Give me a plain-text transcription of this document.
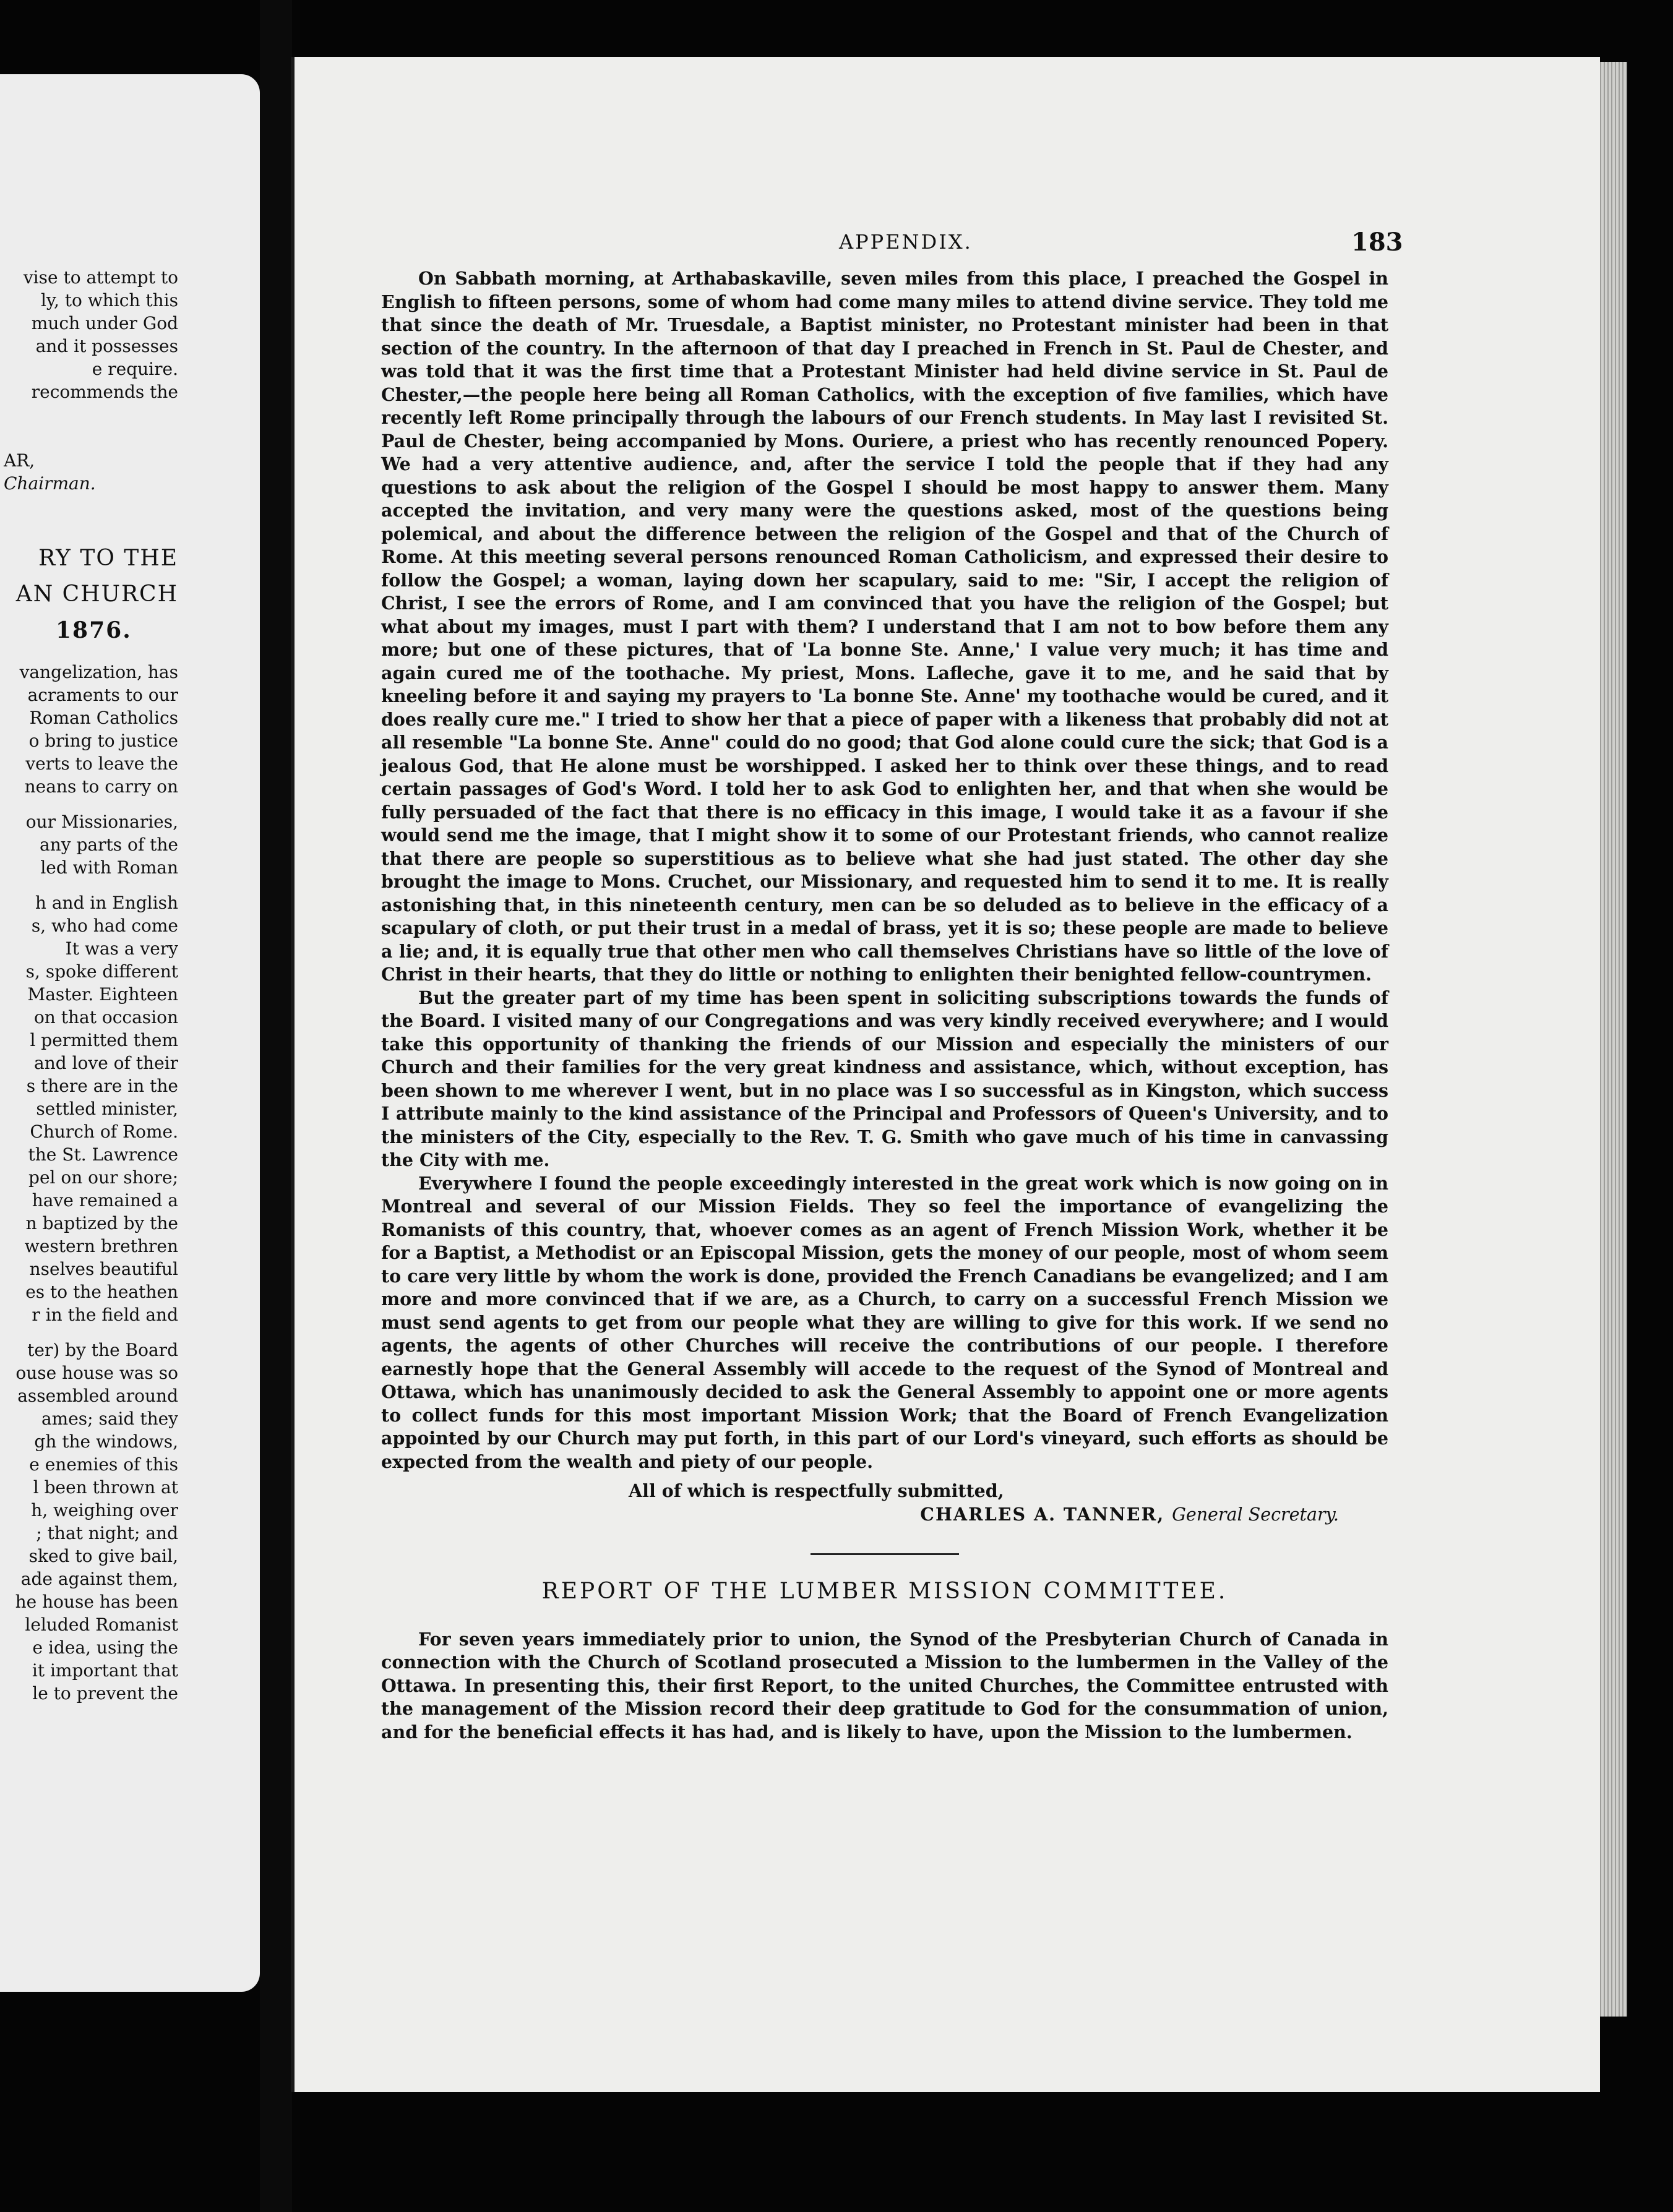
vise to attempt to
ly, to which this
much under God
and it possesses
e require.
recommends the
AR,
Chairman.
RY TO THE
AN CHURCH
1876.
vangelization, has
acraments to our
Roman Catholics
o bring to justice
verts to leave the
neans to carry on
our Missionaries,
any parts of the
led with Roman
h and in English
s, who had come
It was a very
s, spoke different
Master. Eighteen
on that occasion
l permitted them
and love of their
s there are in the
settled minister,
Church of Rome.
the St. Lawrence
pel on our shore;
have remained a
n baptized by the
western brethren
nselves beautiful
es to the heathen
r in the field and
ter) by the Board
ouse house was so
assembled around
ames; said they
gh the windows,
e enemies of this
l been thrown at
h, weighing over
; that night; and
sked to give bail,
ade against them,
he house has been
leluded Romanist
e idea, using the
it important that
le to prevent the
APPENDIX.	183

On Sabbath morning, at Arthabaskaville, seven miles from this place, I preached the Gospel in English to fifteen persons, some of whom had come many miles to attend divine service. They told me that since the death of Mr. Truesdale, a Baptist minister, no Protestant minister had been in that section of the country. In the afternoon of that day I preached in French in St. Paul de Chester, and was told that it was the first time that a Protestant Minister had held divine service in St. Paul de Chester,—the people here being all Roman Catholics, with the exception of five families, which have recently left Rome principally through the labours of our French students. In May last I revisited St. Paul de Chester, being accompanied by Mons. Ouriere, a priest who has recently renounced Popery. We had a very attentive audience, and, after the service I told the people that if they had any questions to ask about the religion of the Gospel I should be most happy to answer them. Many accepted the invitation, and very many were the questions asked, most of the questions being polemical, and about the difference between the religion of the Gospel and that of the Church of Rome. At this meeting several persons renounced Roman Catholicism, and expressed their desire to follow the Gospel; a woman, laying down her scapulary, said to me: "Sir, I accept the religion of Christ, I see the errors of Rome, and I am convinced that you have the religion of the Gospel; but what about my images, must I part with them? I understand that I am not to bow before them any more; but one of these pictures, that of 'La bonne Ste. Anne,' I value very much; it has time and again cured me of the toothache. My priest, Mons. Lafleche, gave it to me, and he said that by kneeling before it and saying my prayers to 'La bonne Ste. Anne' my toothache would be cured, and it does really cure me." I tried to show her that a piece of paper with a likeness that probably did not at all resemble "La bonne Ste. Anne" could do no good; that God alone could cure the sick; that God is a jealous God, that He alone must be worshipped. I asked her to think over these things, and to read certain passages of God's Word. I told her to ask God to enlighten her, and that when she would be fully persuaded of the fact that there is no efficacy in this image, I would take it as a favour if she would send me the image, that I might show it to some of our Protestant friends, who cannot realize that there are people so superstitious as to believe what she had just stated. The other day she brought the image to Mons. Cruchet, our Missionary, and requested him to send it to me. It is really astonishing that, in this nineteenth century, men can be so deluded as to believe in the efficacy of a scapulary of cloth, or put their trust in a medal of brass, yet it is so; these people are made to believe a lie; and, it is equally true that other men who call themselves Christians have so little of the love of Christ in their hearts, that they do little or nothing to enlighten their benighted fellow-countrymen.

But the greater part of my time has been spent in soliciting subscriptions towards the funds of the Board. I visited many of our Congregations and was very kindly received everywhere; and I would take this opportunity of thanking the friends of our Mission and especially the ministers of our Church and their families for the very great kindness and assistance, which, without exception, has been shown to me wherever I went, but in no place was I so successful as in Kingston, which success I attribute mainly to the kind assistance of the Principal and Professors of Queen's University, and to the ministers of the City, especially to the Rev. T. G. Smith who gave much of his time in canvassing the City with me.

Everywhere I found the people exceedingly interested in the great work which is now going on in Montreal and several of our Mission Fields. They so feel the importance of evangelizing the Romanists of this country, that, whoever comes as an agent of French Mission Work, whether it be for a Baptist, a Methodist or an Episcopal Mission, gets the money of our people, most of whom seem to care very little by whom the work is done, provided the French Canadians be evangelized; and I am more and more convinced that if we are, as a Church, to carry on a successful French Mission we must send agents to get from our people what they are willing to give for this work. If we send no agents, the agents of other Churches will receive the contributions of our people. I therefore earnestly hope that the General Assembly will accede to the request of the Synod of Montreal and Ottawa, which has unanimously decided to ask the General Assembly to appoint one or more agents to collect funds for this most important Mission Work; that the Board of French Evangelization appointed by our Church may put forth, in this part of our Lord's vineyard, such efforts as should be expected from the wealth and piety of our people.

All of which is respectfully submitted,
CHARLES A. TANNER, General Secretary.
REPORT OF THE LUMBER MISSION COMMITTEE.

For seven years immediately prior to union, the Synod of the Presbyterian Church of Canada in connection with the Church of Scotland prosecuted a Mission to the lumbermen in the Valley of the Ottawa. In presenting this, their first Report, to the united Churches, the Committee entrusted with the management of the Mission record their deep gratitude to God for the consummation of union, and for the beneficial effects it has had, and is likely to have, upon the Mission to the lumbermen.
